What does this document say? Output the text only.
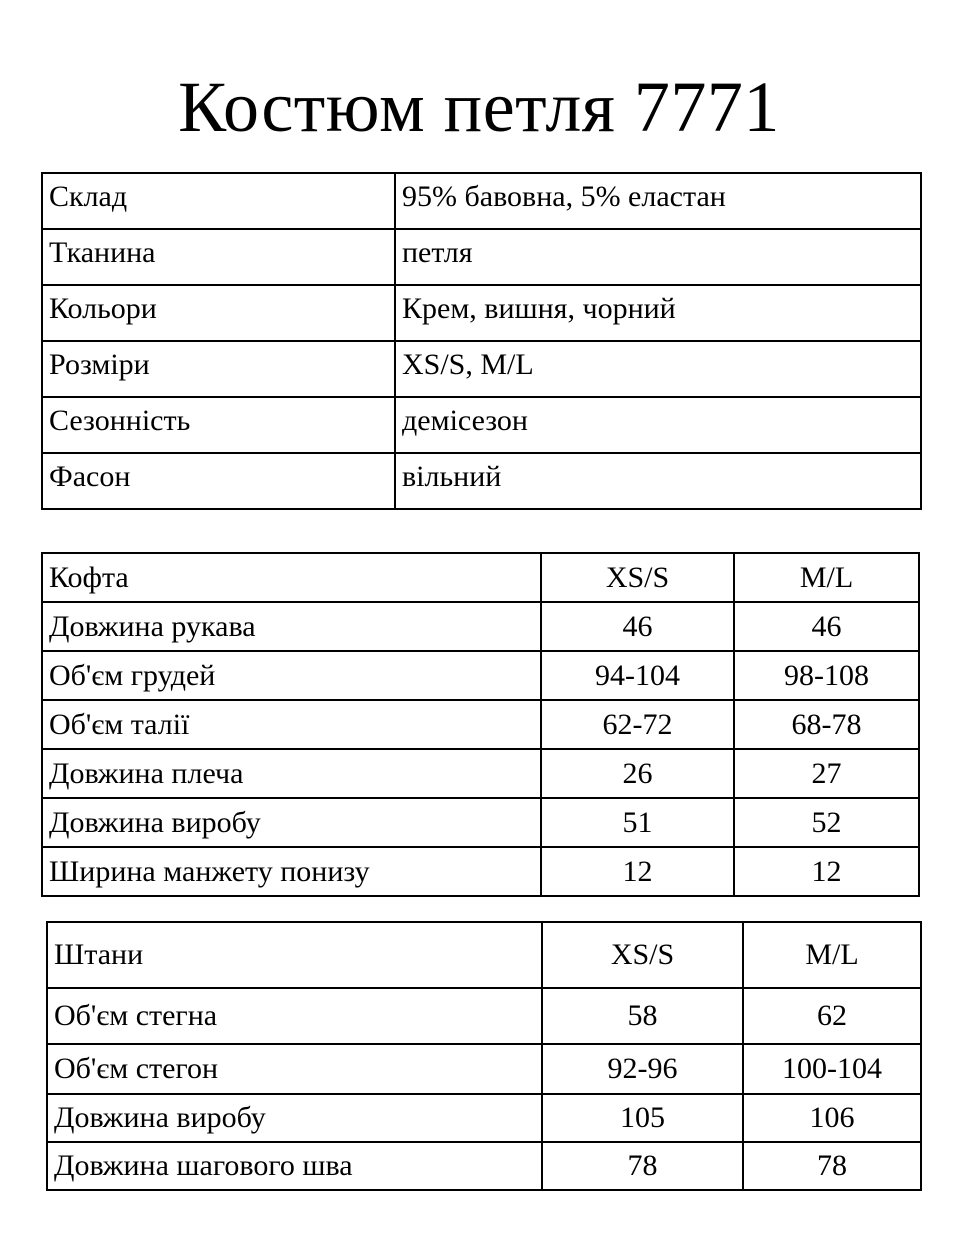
Костюм петля 7771
Склад	95% бавовна, 5% еластан
Тканина	петля
Кольори	Крем, вишня, чорний
Розміри	XS/S, M/L
Сезонність	демісезон
Фасон	вільний
Кофта	XS/S	M/L
Довжина рукава	46	46
Об'єм грудей	94-104	98-108
Об'єм талії	62-72	68-78
Довжина плеча	26	27
Довжина виробу	51	52
Ширина манжету понизу	12	12
Штани	XS/S	M/L
Об'єм стегна	58	62
Об'єм стегон	92-96	100-104
Довжина виробу	105	106
Довжина шагового шва	78	78
